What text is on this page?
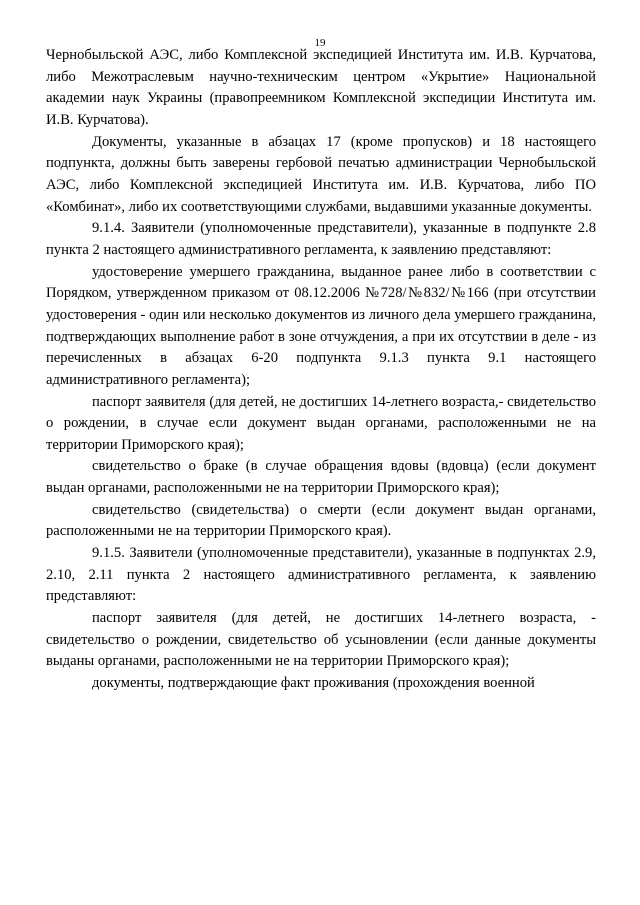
19

Чернобыльской АЭС, либо Комплексной экспедицией Института им. И.В. Курчатова, либо Межотраслевым научно-техническим центром «Укрытие» Национальной академии наук Украины (правопреемником Комплексной экспедиции Института им. И.В. Курчатова).

Документы, указанные в абзацах 17 (кроме пропусков) и 18 настоящего подпункта, должны быть заверены гербовой печатью администрации Чернобыльской АЭС, либо Комплексной экспедицией Института им. И.В. Курчатова, либо ПО «Комбинат», либо их соответствующими службами, выдавшими указанные документы.

9.1.4. Заявители (уполномоченные представители), указанные в подпункте 2.8 пункта 2 настоящего административного регламента, к заявлению представляют:

удостоверение умершего гражданина, выданное ранее либо в соответствии с Порядком, утвержденном приказом от 08.12.2006 №728/№832/№166 (при отсутствии удостоверения - один или несколько документов из личного дела умершего гражданина, подтверждающих выполнение работ в зоне отчуждения, а при их отсутствии в деле - из перечисленных в абзацах 6-20 подпункта 9.1.3 пункта 9.1 настоящего административного регламента);

паспорт заявителя (для детей, не достигших 14-летнего возраста,- свидетельство о рождении, в случае если документ выдан органами, расположенными не на территории Приморского края);

свидетельство о браке (в случае обращения вдовы (вдовца) (если документ выдан органами, расположенными не на территории Приморского края);

свидетельство (свидетельства) о смерти (если документ выдан органами, расположенными не на территории Приморского края).

9.1.5. Заявители (уполномоченные представители), указанные в подпунктах 2.9, 2.10, 2.11 пункта 2 настоящего административного регламента, к заявлению представляют:

паспорт заявителя (для детей, не достигших 14-летнего возраста, - свидетельство о рождении, свидетельство об усыновлении (если данные документы выданы органами, расположенными не на территории Приморского края);

документы, подтверждающие факт проживания (прохождения военной
